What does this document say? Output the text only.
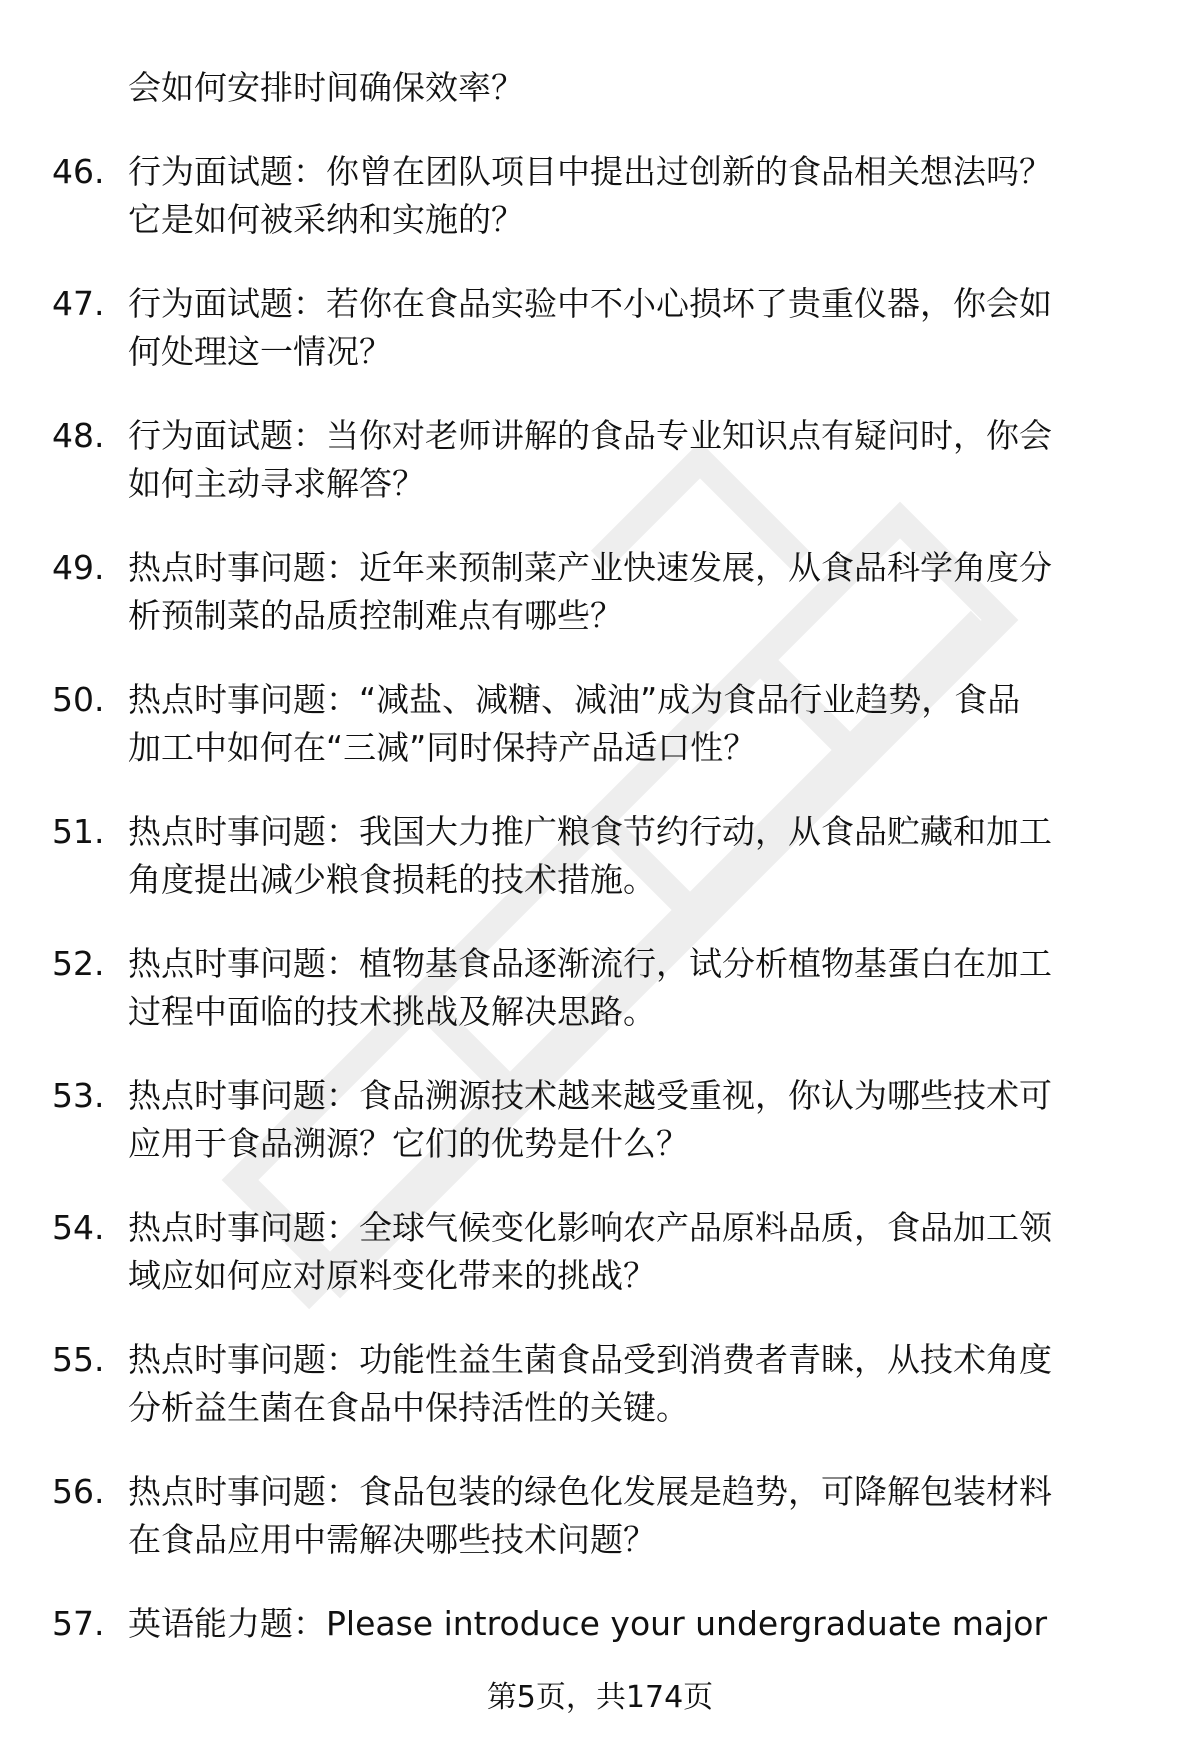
会如何安排时间确保效率？
46. 行为面试题：你曾在团队项目中提出过创新的食品相关想法吗？
它是如何被采纳和实施的？
47. 行为面试题：若你在食品实验中不小心损坏了贵重仪器，你会如
何处理这一情况？
48. 行为面试题：当你对老师讲解的食品专业知识点有疑问时，你会
如何主动寻求解答？
49. 热点时事问题：近年来预制菜产业快速发展，从食品科学角度分
析预制菜的品质控制难点有哪些？
50. 热点时事问题：“减盐、减糖、减油”成为食品行业趋势，食品
加工中如何在“三减”同时保持产品适口性？
51. 热点时事问题：我国大力推广粮食节约行动，从食品贮藏和加工
角度提出减少粮食损耗的技术措施。
52. 热点时事问题：植物基食品逐渐流行，试分析植物基蛋白在加工
过程中面临的技术挑战及解决思路。
53. 热点时事问题：食品溯源技术越来越受重视，你认为哪些技术可
应用于食品溯源？它们的优势是什么？
54. 热点时事问题：全球气候变化影响农产品原料品质，食品加工领
域应如何应对原料变化带来的挑战？
55. 热点时事问题：功能性益生菌食品受到消费者青睐，从技术角度
分析益生菌在食品中保持活性的关键。
56. 热点时事问题：食品包装的绿色化发展是趋势，可降解包装材料
在食品应用中需解决哪些技术问题？
57. 英语能力题：Please introduce your undergraduate major
第5页，共174页
